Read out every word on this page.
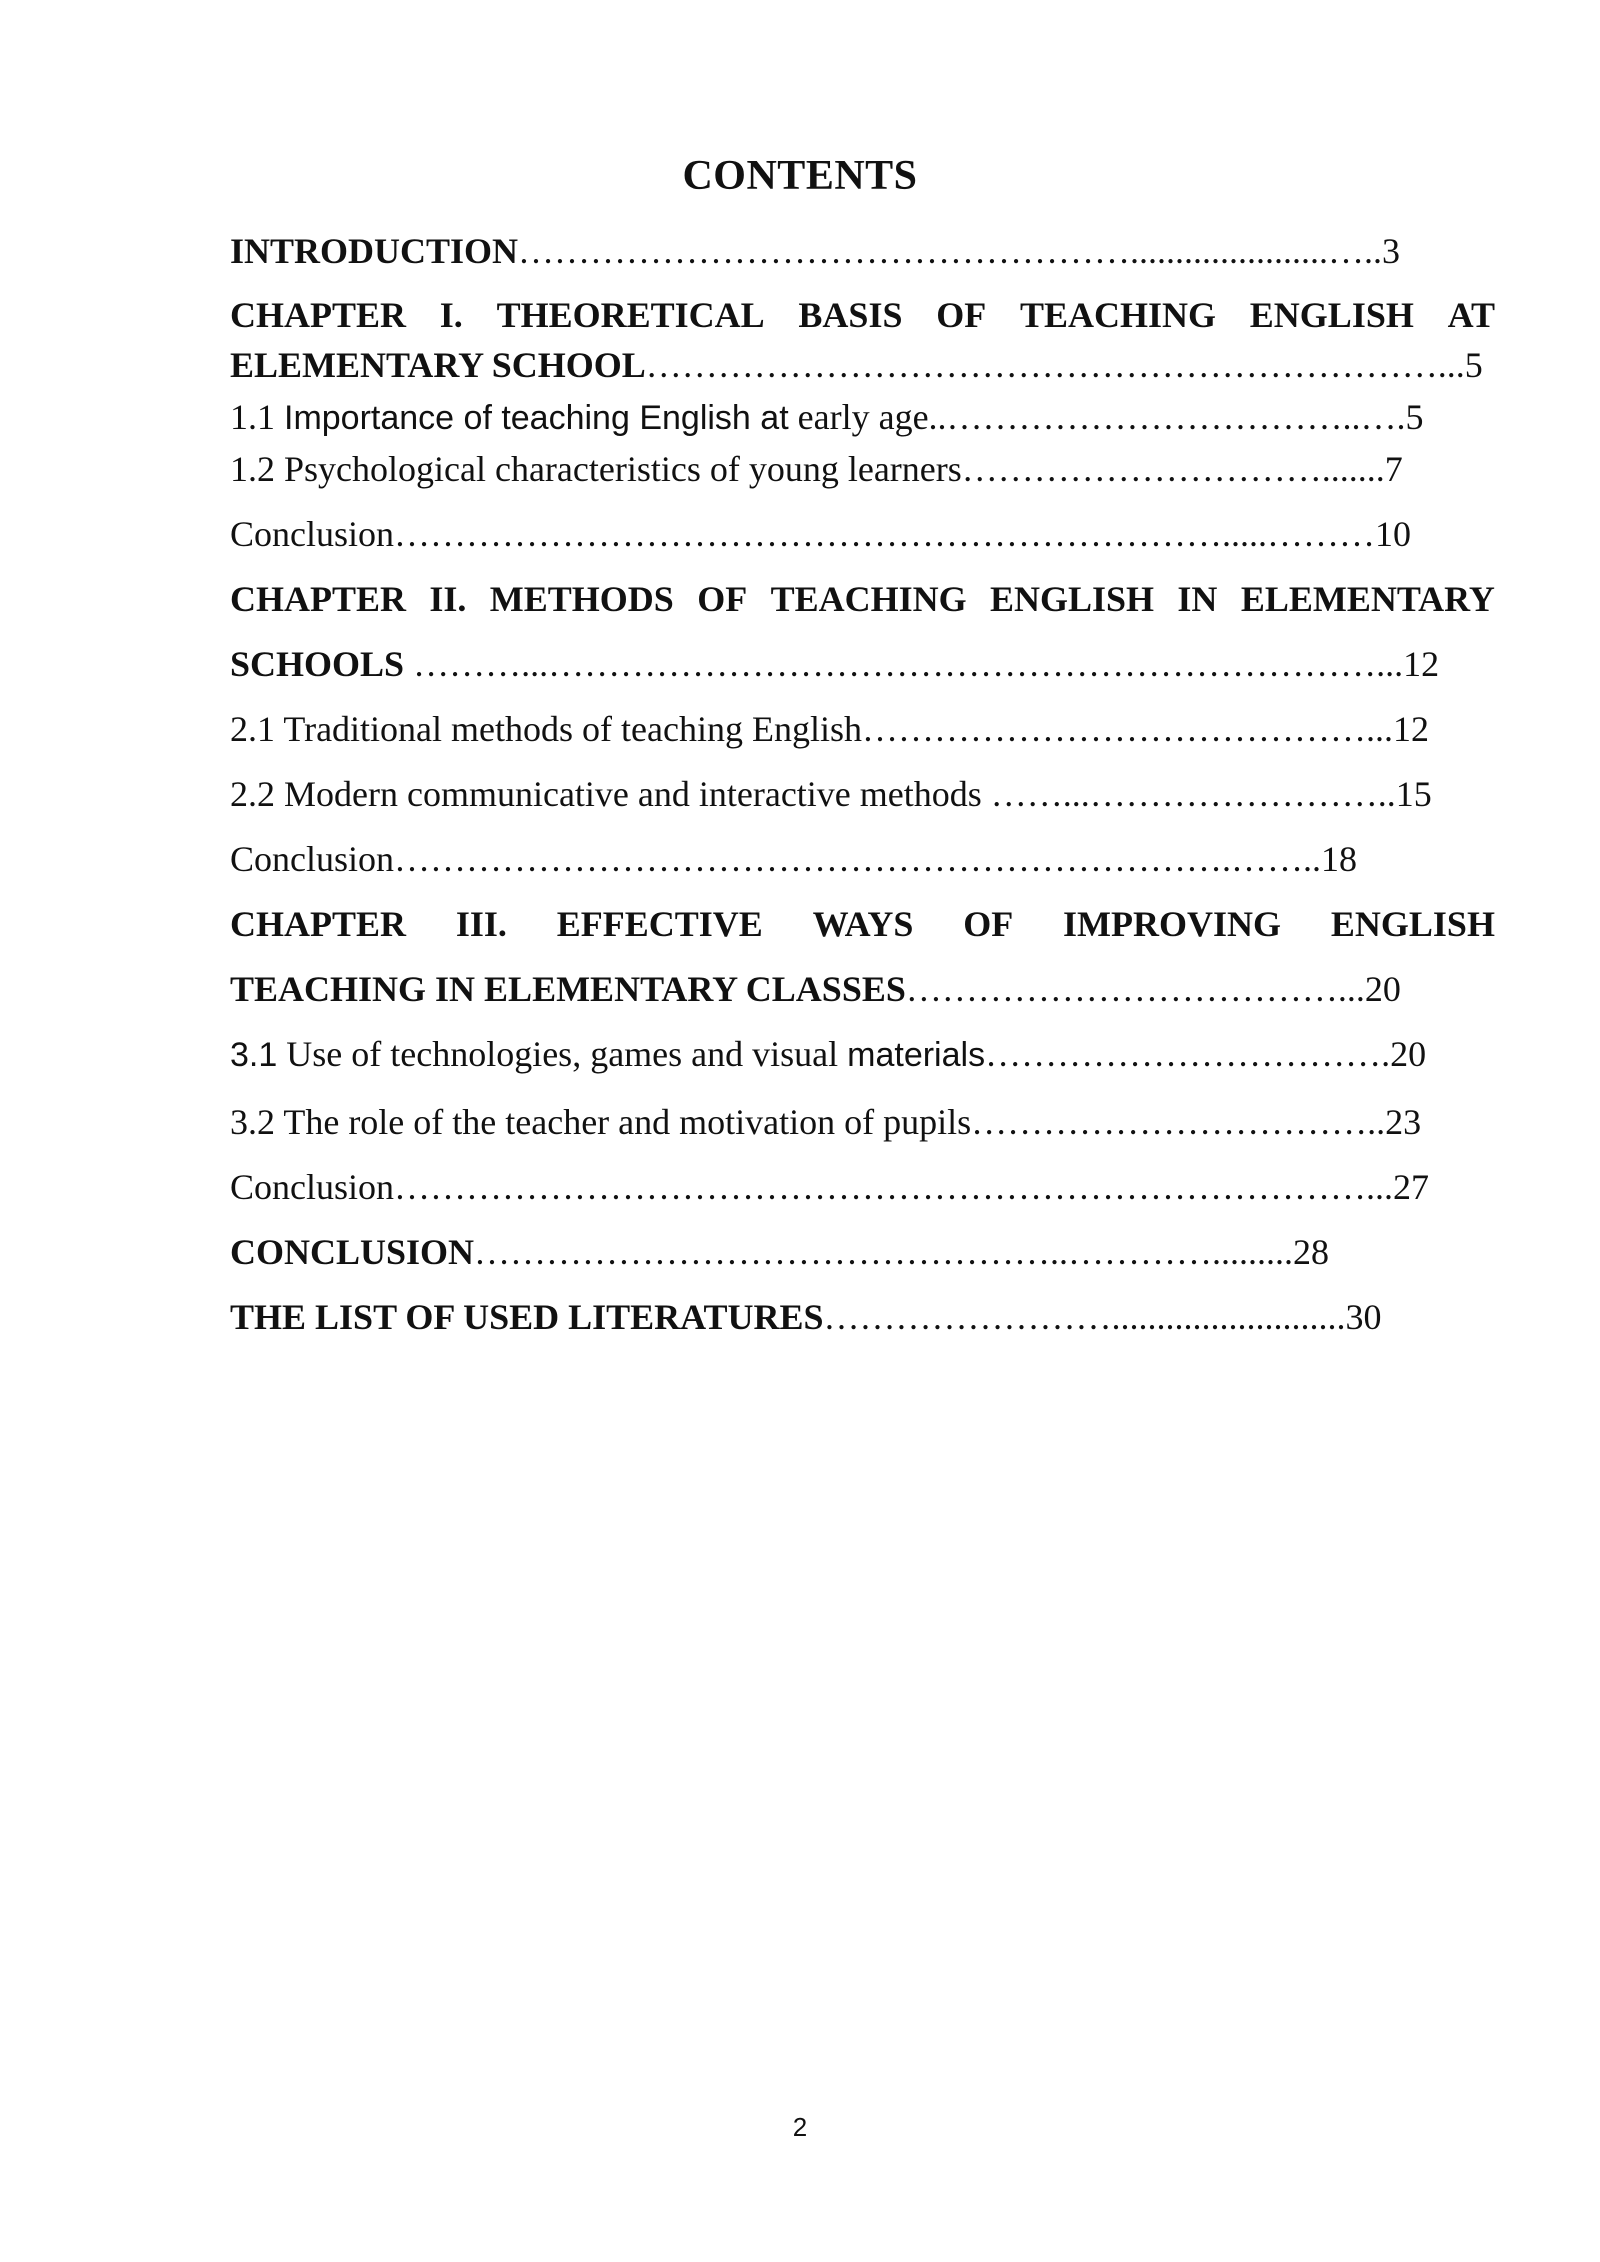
CONTENTS
INTRODUCTION……………………………………………......................…..3
CHAPTER I. THEORETICAL BASIS OF TEACHING ENGLISH AT
ELEMENTARY SCHOOL…………………………………………………………...5
1.1 Importance of teaching English at early age..……………………………..….5
1.2 Psychological characteristics of young learners………………………….......7
Conclusion…………………………………………………………….....………10
CHAPTER II. METHODS OF TEACHING ENGLISH IN ELEMENTARY
SCHOOLS ………...……………………………………………………………...12
2.1 Traditional methods of teaching English……………………………………...12
2.2 Modern communicative and interactive methods ……...……………………..15
Conclusion…………………………………………………………….……..18
CHAPTER III. EFFECTIVE WAYS OF IMPROVING ENGLISH
TEACHING IN ELEMENTARY CLASSES………………………………...20
3.1 Use of technologies, games and visual materials…………………………….20
3.2 The role of the teacher and motivation of pupils……………………………..23
Conclusion………………………………………………………………………...27
CONCLUSION…………………………………………..………….........28
THE LIST OF USED LITERATURES……………………..........................30
2
